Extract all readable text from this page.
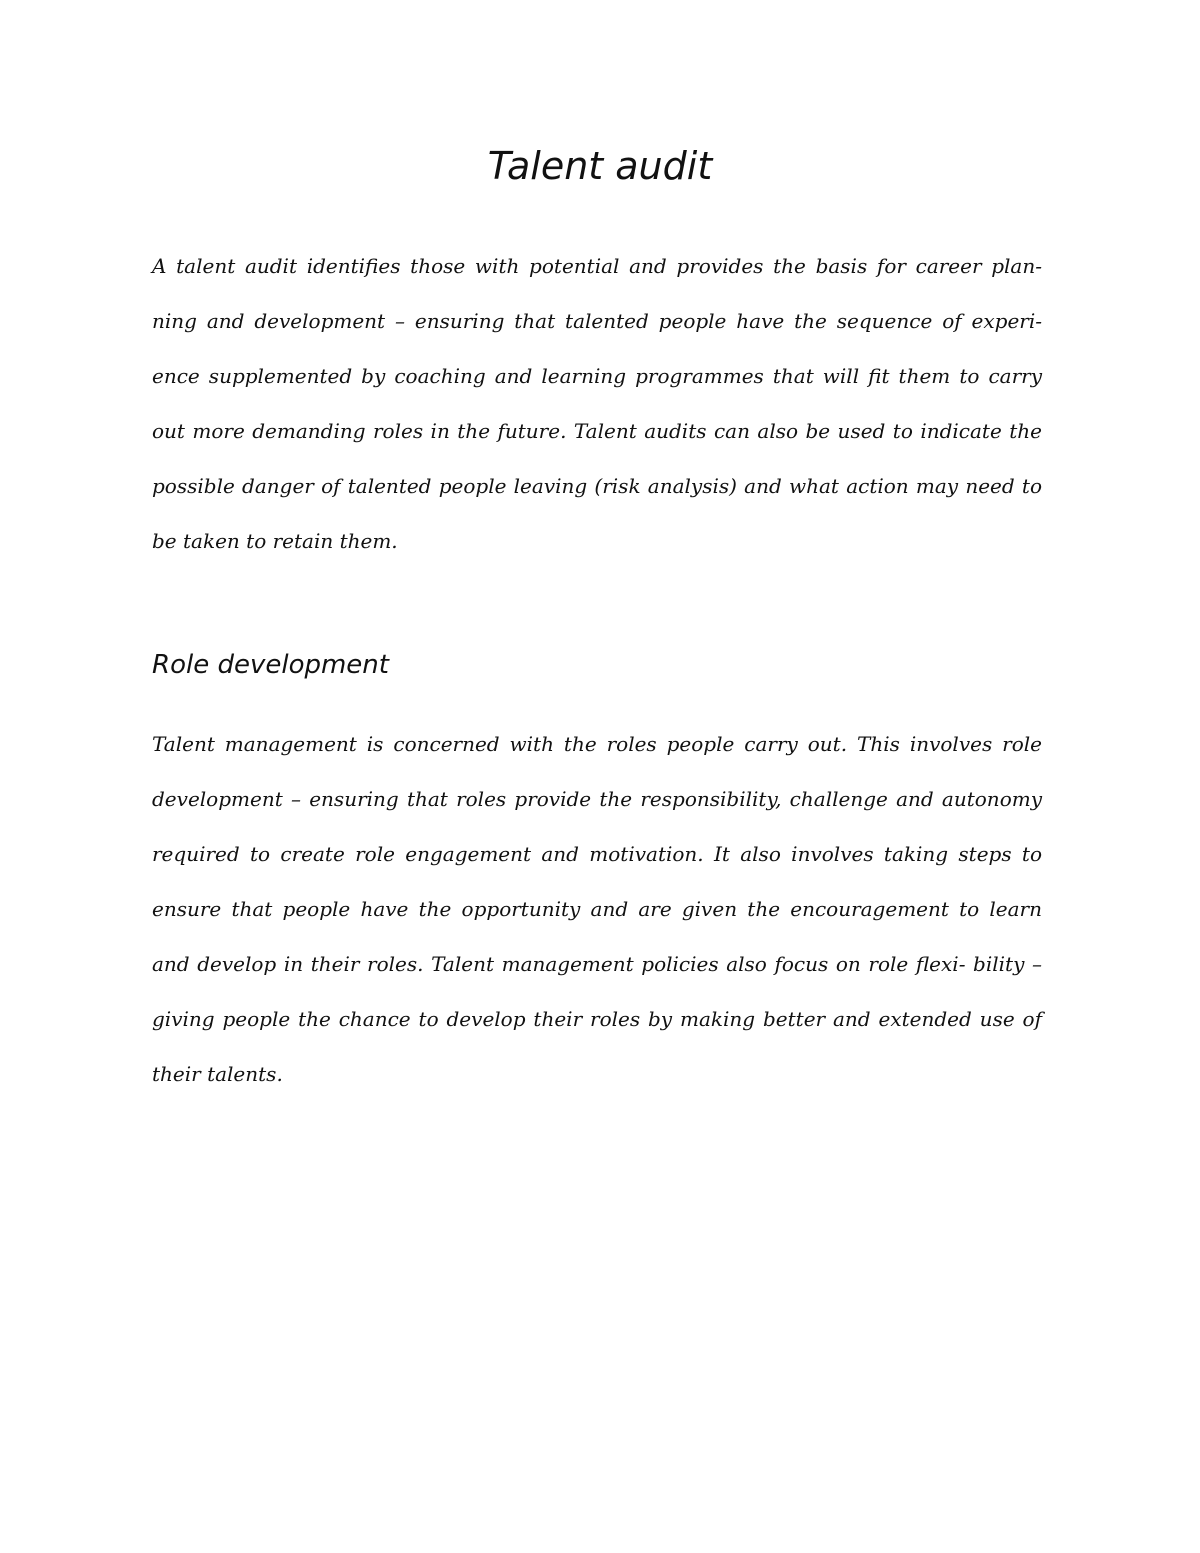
Talent audit

A talent audit identifies those with potential and provides the basis for career plan-
ning and development – ensuring that talented people have the sequence of experi-
ence supplemented by coaching and learning programmes that will fit them to carry
out more demanding roles in the future. Talent audits can also be used to indicate the
possible danger of talented people leaving (risk analysis) and what action may need to
be taken to retain them.

Role development

Talent management is concerned with the roles people carry out. This involves role
development – ensuring that roles provide the responsibility, challenge and autonomy
required to create role engagement and motivation. It also involves taking steps to
ensure that people have the opportunity and are given the encouragement to learn
and develop in their roles. Talent management policies also focus on role flexi- bility –
giving people the chance to develop their roles by making better and extended use of
their talents.
